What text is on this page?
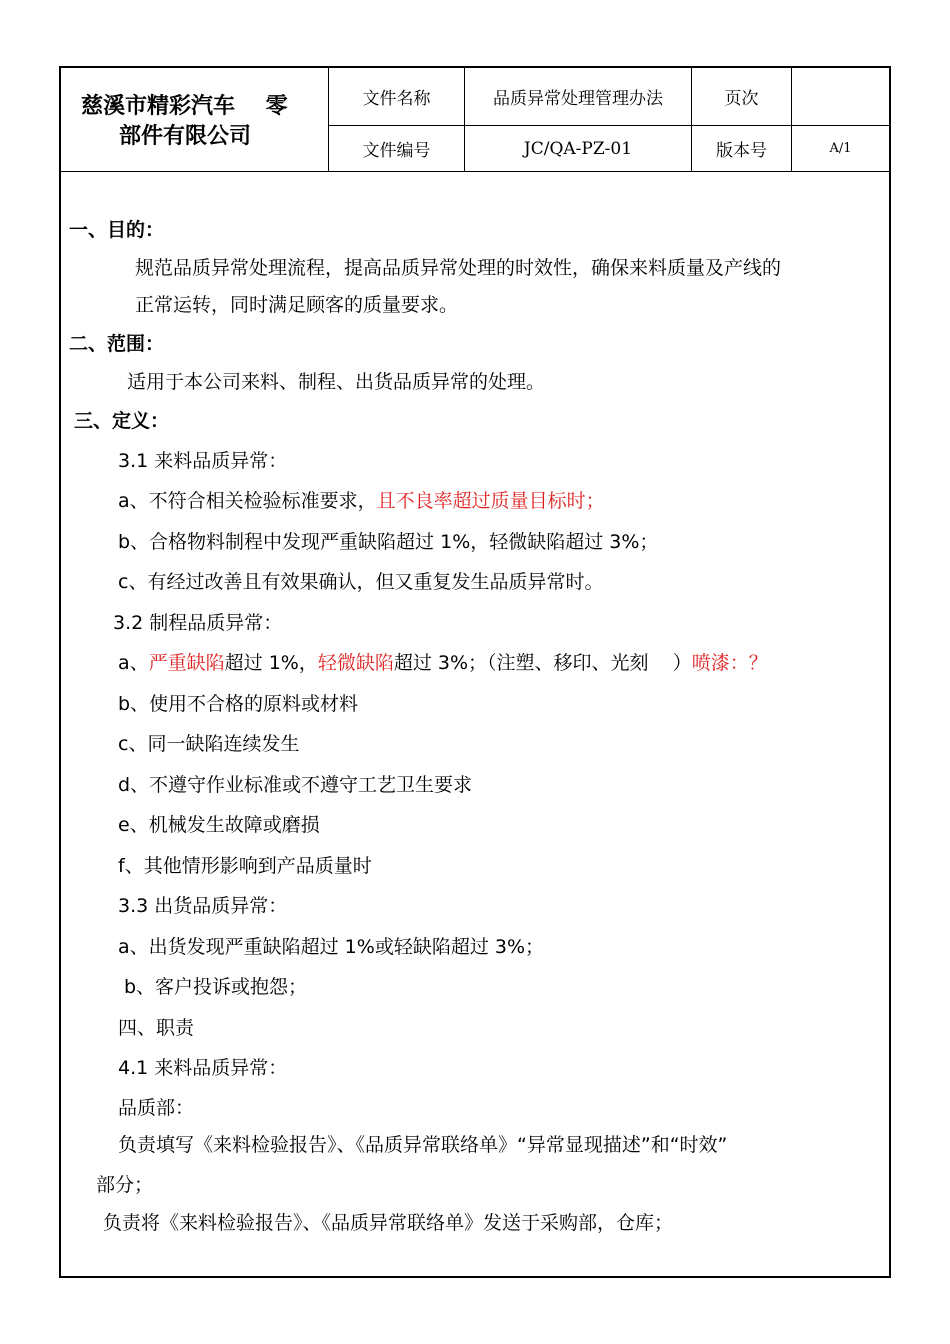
慈溪市精彩汽车    零
部件有限公司
文件名称	品质异常处理管理办法	页次
文件编号	JC/QA-PZ-01	版本号	A/1
一、目的：
规范品质异常处理流程，提高品质异常处理的时效性，确保来料质量及产线的
正常运转，同时满足顾客的质量要求。
二、范围：
适用于本公司来料、制程、出货品质异常的处理。
三、定义：
3.1 来料品质异常：
a、不符合相关检验标准要求，且不良率超过质量目标时；
b、合格物料制程中发现严重缺陷超过 1%，轻微缺陷超过 3%；
c、有经过改善且有效果确认，但又重复发生品质异常时。
3.2 制程品质异常：
a、严重缺陷超过 1%，轻微缺陷超过 3%；（注塑、移印、光刻    ）喷漆：？
b、使用不合格的原料或材料
c、同一缺陷连续发生
d、不遵守作业标准或不遵守工艺卫生要求
e、机械发生故障或磨损
f、其他情形影响到产品质量时
3.3 出货品质异常：
a、出货发现严重缺陷超过 1%或轻缺陷超过 3%；
b、客户投诉或抱怨；
四、职责
4.1 来料品质异常：
品质部：
负责填写《来料检验报告》、《品质异常联络单》“异常显现描述”和“时效”
部分；
负责将《来料检验报告》、《品质异常联络单》发送于采购部，仓库；
